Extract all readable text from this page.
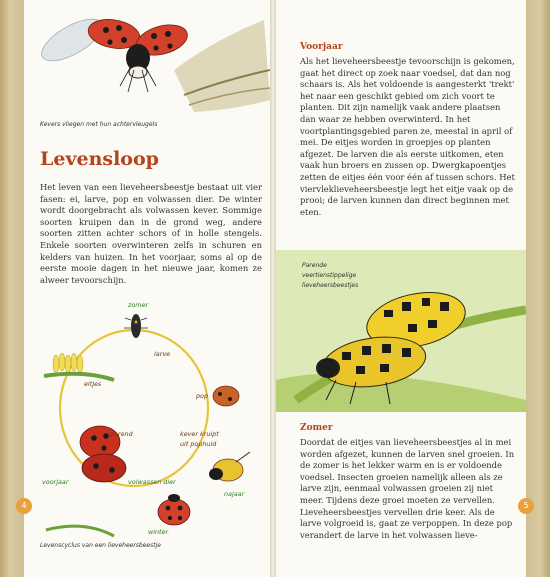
Kevers vliegen met hun achtervleugels
Levensloop
Het leven van een lieveheersbeestje bestaat uit vier fasen: ei, larve, pop en volwassen dier. De winter wordt doorgebracht als volwassen kever. Sommige soorten kruipen dan in de grond weg, andere soorten zitten achter schors of in holle stengels. Enkele soorten overwinteren zelfs in schuren en kelders van huizen. In het voorjaar, soms al op de eerste mooie dagen in het nieuwe jaar, komen ze alweer tevoorschijn.
zomer
larve
eitjes
pop
parend	kever kruipt
uit pophuid
voorjaar	volwassen dier
najaar
winter
Levenscyclus van een lieveheersbeestje
4
Voorjaar
Als het lieveheersbeestje tevoorschijn is gekomen, gaat het direct op zoek naar voedsel, dat dan nog schaars is. Als het voldoende is aangesterkt 'trekt' het naar een geschikt gebied om zich voort te planten. Dit zijn namelijk vaak andere plaatsen dan waar ze hebben overwinterd. In het voortplantingsgebied paren ze, meestal in april of mei. De eitjes worden in groepjes op planten afgezet. De larven die als eerste uitkomen, eten vaak hun broers en zussen op. Dwergkapoentjes zetten de eitjes één voor één af tussen schors. Het viervleklieveheersbeestje legt het eitje vaak op de prooi; de larven kunnen dan direct beginnen met eten.
Parende
veertienstippelige
lieveheersbeestjes
Zomer
Doordat de eitjes van lieveheersbeestjes al in mei worden afgezet, kunnen de larven snel groeien. In de zomer is het lekker warm en is er voldoende voedsel. Insecten groeien namelijk alleen als ze larve zijn, eenmaal volwassen groeien zij niet meer. Tijdens deze groei moeten ze vervellen. Lieveheersbeestjes vervellen drie keer. Als de larve volgroeid is, gaat ze verpoppen. In deze pop verandert de larve in het volwassen lieve-
5
